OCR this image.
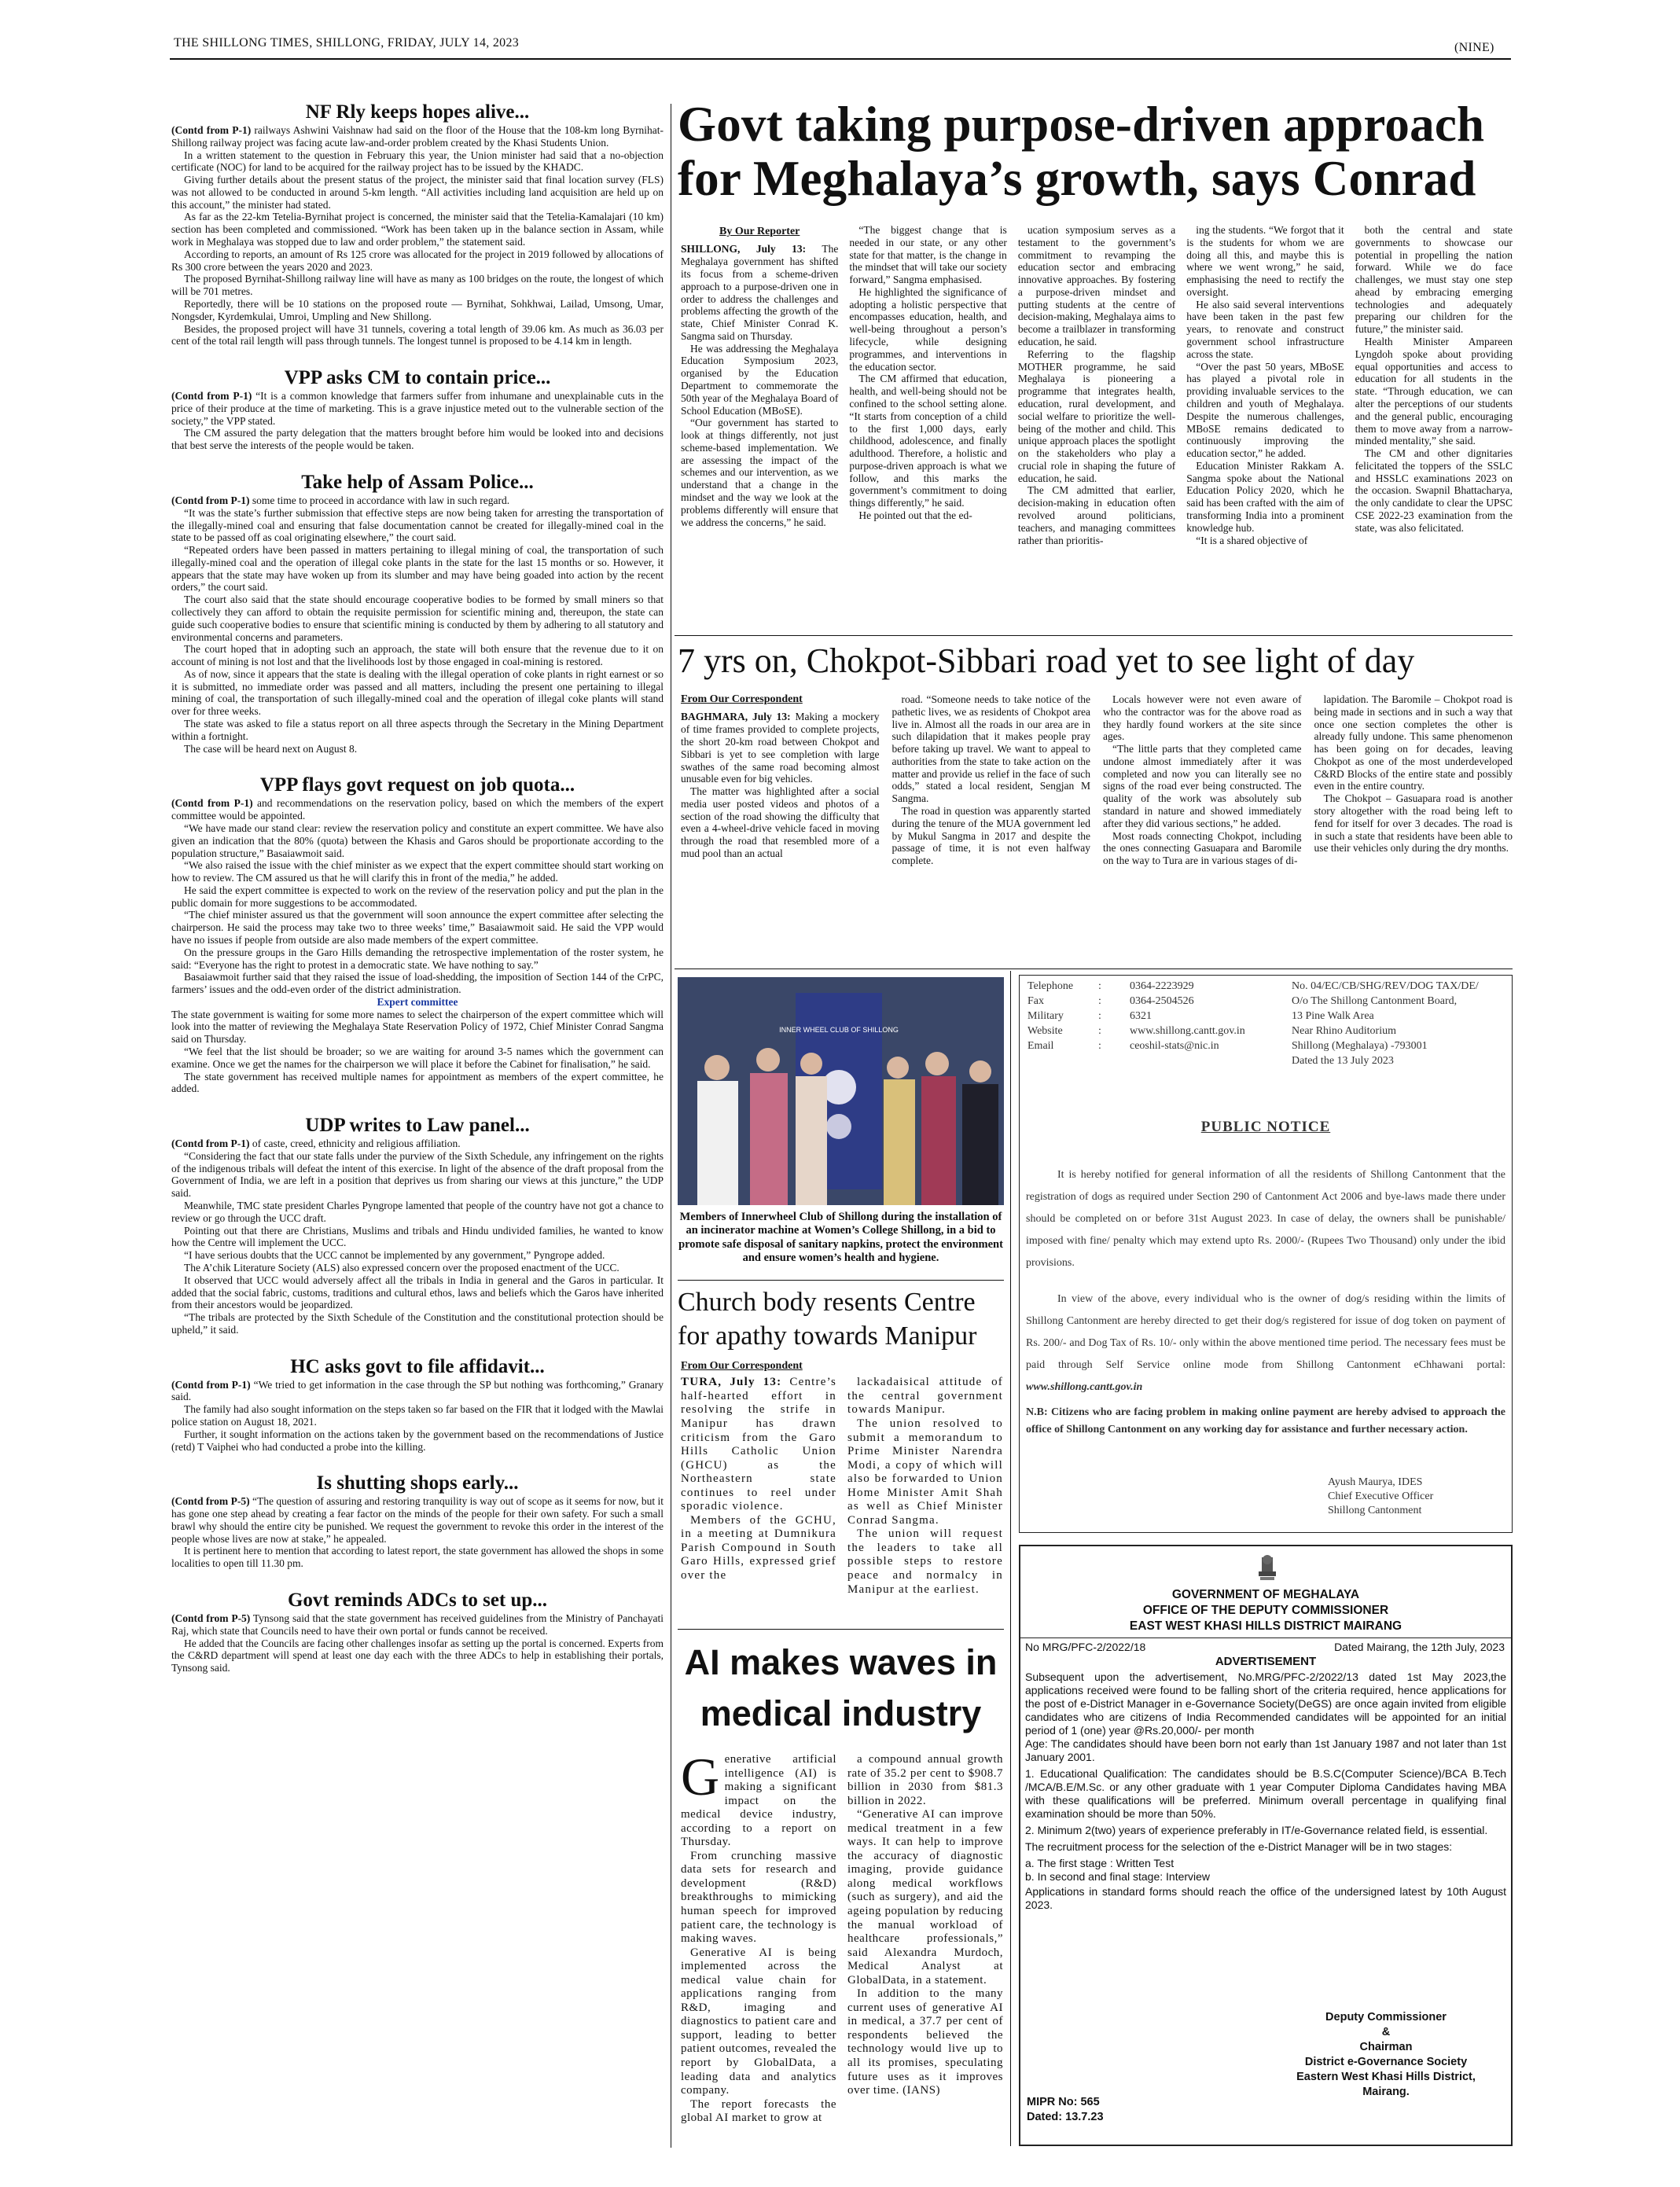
THE SHILLONG TIMES, SHILLONG, FRIDAY, JULY 14, 2023	(NINE)
NF Rly keeps hopes alive...

(Contd from P-1) railways Ashwini Vaishnaw had said on the floor of the House that the 108-km long Byrnihat-Shillong railway project was facing acute law-and-order problem created by the Khasi Students Union.

In a written statement to the question in February this year, the Union minister had said that a no-objection certificate (NOC) for land to be acquired for the railway project has to be issued by the KHADC.

Giving further details about the present status of the project, the minister said that final location survey (FLS) was not allowed to be conducted in around 5-km length. “All activities including land acquisition are held up on this account,” the minister had stated.

As far as the 22-km Tetelia-Byrnihat project is concerned, the minister said that the Tetelia-Kamalajari (10 km) section has been completed and commissioned. “Work has been taken up in the balance section in Assam, while work in Meghalaya was stopped due to law and order problem,” the statement said.

According to reports, an amount of Rs 125 crore was allocated for the project in 2019 followed by allocations of Rs 300 crore between the years 2020 and 2023.

The proposed Byrnihat-Shillong railway line will have as many as 100 bridges on the route, the longest of which will be 701 metres.

Reportedly, there will be 10 stations on the proposed route — Byrnihat, Sohkhwai, Lailad, Umsong, Umar, Nongsder, Kyrdemkulai, Umroi, Umpling and New Shillong.

Besides, the proposed project will have 31 tunnels, covering a total length of 39.06 km. As much as 36.03 per cent of the total rail length will pass through tunnels. The longest tunnel is proposed to be 4.14 km in length.

VPP asks CM to contain price...

(Contd from P-1) “It is a common knowledge that farmers suffer from inhumane and unexplainable cuts in the price of their produce at the time of marketing. This is a grave injustice meted out to the vulnerable section of the society,” the VPP stated.

The CM assured the party delegation that the matters brought before him would be looked into and decisions that best serve the interests of the people would be taken.

Take help of Assam Police...

(Contd from P-1) some time to proceed in accordance with law in such regard.

“It was the state’s further submission that effective steps are now being taken for arresting the transportation of the illegally-mined coal and ensuring that false documentation cannot be created for illegally-mined coal in the state to be passed off as coal originating elsewhere,” the court said.

“Repeated orders have been passed in matters pertaining to illegal mining of coal, the transportation of such illegally-mined coal and the operation of illegal coke plants in the state for the last 15 months or so. However, it appears that the state may have woken up from its slumber and may have being goaded into action by the recent orders,” the court said.

The court also said that the state should encourage cooperative bodies to be formed by small miners so that collectively they can afford to obtain the requisite permission for scientific mining and, thereupon, the state can guide such cooperative bodies to ensure that scientific mining is conducted by them by adhering to all statutory and environmental concerns and parameters.

The court hoped that in adopting such an approach, the state will both ensure that the revenue due to it on account of mining is not lost and that the livelihoods lost by those engaged in coal-mining is restored.

As of now, since it appears that the state is dealing with the illegal operation of coke plants in right earnest or so it is submitted, no immediate order was passed and all matters, including the present one pertaining to illegal mining of coal, the transportation of such illegally-mined coal and the operation of illegal coke plants will stand over for three weeks.

The state was asked to file a status report on all three aspects through the Secretary in the Mining Department within a fortnight.

The case will be heard next on August 8.

VPP flays govt request on job quota...

(Contd from P-1) and recommendations on the reservation policy, based on which the members of the expert committee would be appointed.

“We have made our stand clear: review the reservation policy and constitute an expert committee. We have also given an indication that the 80% (quota) between the Khasis and Garos should be proportionate according to the population structure,” Basaiawmoit said.

“We also raised the issue with the chief minister as we expect that the expert committee should start working on how to review. The CM assured us that he will clarify this in front of the media,” he added.

He said the expert committee is expected to work on the review of the reservation policy and put the plan in the public domain for more suggestions to be accommodated.

“The chief minister assured us that the government will soon announce the expert committee after selecting the chairperson. He said the process may take two to three weeks’ time,” Basaiawmoit said. He said the VPP would have no issues if people from outside are also made members of the expert committee.

On the pressure groups in the Garo Hills demanding the retrospective implementation of the roster system, he said: “Everyone has the right to protest in a democratic state. We have nothing to say.”

Basaiawmoit further said that they raised the issue of load-shedding, the imposition of Section 144 of the CrPC, farmers’ issues and the odd-even order of the district administration.

Expert committee

The state government is waiting for some more names to select the chairperson of the expert committee which will look into the matter of reviewing the Meghalaya State Reservation Policy of 1972, Chief Minister Conrad Sangma said on Thursday.

“We feel that the list should be broader; so we are waiting for around 3-5 names which the government can examine. Once we get the names for the chairperson we will place it before the Cabinet for finalisation,” he said.

The state government has received multiple names for appointment as members of the expert committee, he added.

UDP writes to Law panel...

(Contd from P-1) of caste, creed, ethnicity and religious affiliation.

“Considering the fact that our state falls under the purview of the Sixth Schedule, any infringement on the rights of the indigenous tribals will defeat the intent of this exercise. In light of the absence of the draft proposal from the Government of India, we are left in a position that deprives us from sharing our views at this juncture,” the UDP said.

Meanwhile, TMC state president Charles Pyngrope lamented that people of the country have not got a chance to review or go through the UCC draft.

Pointing out that there are Christians, Muslims and tribals and Hindu undivided families, he wanted to know how the Centre will implement the UCC.

“I have serious doubts that the UCC cannot be implemented by any government,” Pyngrope added.

The A’chik Literature Society (ALS) also expressed concern over the proposed enactment of the UCC.

It observed that UCC would adversely affect all the tribals in India in general and the Garos in particular. It added that the social fabric, customs, traditions and cultural ethos, laws and beliefs which the Garos have inherited from their ancestors would be jeopardized.

“The tribals are protected by the Sixth Schedule of the Constitution and the constitutional protection should be upheld,” it said.

HC asks govt to file affidavit...

(Contd from P-1) “We tried to get information in the case through the SP but nothing was forthcoming,” Granary said.

The family had also sought information on the steps taken so far based on the FIR that it lodged with the Mawlai police station on August 18, 2021.

Further, it sought information on the actions taken by the government based on the recommendations of Justice (retd) T Vaiphei who had conducted a probe into the killing.

Is shutting shops early...

(Contd from P-5) “The question of assuring and restoring tranquility is way out of scope as it seems for now, but it has gone one step ahead by creating a fear factor on the minds of the people for their own safety. For such a small brawl why should the entire city be punished. We request the government to revoke this order in the interest of the people whose lives are now at stake,” he appealed.

It is pertinent here to mention that according to latest report, the state government has allowed the shops in some localities to open till 11.30 pm.

Govt reminds ADCs to set up...

(Contd from P-5) Tynsong said that the state government has received guidelines from the Ministry of Panchayati Raj, which state that Councils need to have their own portal or funds cannot be received.

He added that the Councils are facing other challenges insofar as setting up the portal is concerned. Experts from the C&RD department will spend at least one day each with the three ADCs to help in establishing their portals, Tynsong said.

Govt taking purpose-driven approach
for Meghalaya’s growth, says Conrad
By Our Reporter

SHILLONG, July 13: The Meghalaya government has shifted its focus from a scheme-driven approach to a purpose-driven one in order to address the challenges and problems affecting the growth of the state, Chief Minister Conrad K. Sangma said on Thursday.

He was addressing the Meghalaya Education Symposium 2023, organised by the Education Department to commemorate the 50th year of the Meghalaya Board of School Education (MBoSE).

“Our government has started to look at things differently, not just scheme-based implementation. We are assessing the impact of the schemes and our intervention, as we understand that a change in the mindset and the way we look at the problems differently will ensure that we address the concerns,” he said.

“The biggest change that is needed in our state, or any other state for that matter, is the change in the mindset that will take our society forward,” Sangma emphasised.

He highlighted the significance of adopting a holistic perspective that encompasses education, health, and well-being throughout a person’s lifecycle, while designing programmes, and interventions in the education sector.

The CM affirmed that education, health, and well-being should not be confined to the school setting alone. “It starts from conception of a child to the first 1,000 days, early childhood, adolescence, and finally adulthood. Therefore, a holistic and purpose-driven approach is what we follow, and this marks the government’s commitment to doing things differently,” he said.

He pointed out that the ed-

ucation symposium serves as a testament to the government’s commitment to revamping the education sector and embracing innovative approaches. By fostering a purpose-driven mindset and putting students at the centre of decision-making, Meghalaya aims to become a trailblazer in transforming education, he said.

Referring to the flagship MOTHER programme, he said Meghalaya is pioneering a programme that integrates health, education, rural development, and social welfare to prioritize the well-being of the mother and child. This unique approach places the spotlight on the stakeholders who play a crucial role in shaping the future of education, he said.

The CM admitted that earlier, decision-making in education often revolved around politicians, teachers, and managing committees rather than prioritis-

ing the students. “We forgot that it is the students for whom we are doing all this, and maybe this is where we went wrong,” he said, emphasising the need to rectify the oversight.

He also said several interventions have been taken in the past few years, to renovate and construct government school infrastructure across the state.

“Over the past 50 years, MBoSE has played a pivotal role in providing invaluable services to the children and youth of Meghalaya. Despite the numerous challenges, MBoSE remains dedicated to continuously improving the education sector,” he added.

Education Minister Rakkam A. Sangma spoke about the National Education Policy 2020, which he said has been crafted with the aim of transforming India into a prominent knowledge hub.

“It is a shared objective of

both the central and state governments to showcase our potential in propelling the nation forward. While we do face challenges, we must stay one step ahead by embracing emerging technologies and adequately preparing our children for the future,” the minister said.

Health Minister Ampareen Lyngdoh spoke about providing equal opportunities and access to education for all students in the state. “Through education, we can alter the perceptions of our students and the general public, encouraging them to move away from a narrow-minded mentality,” she said.

The CM and other dignitaries felicitated the toppers of the SSLC and HSSLC examinations 2023 on the occasion. Swapnil Bhattacharya, the only candidate to clear the UPSC CSE 2022-23 examination from the state, was also felicitated.

7 yrs on, Chokpot-Sibbari road yet to see light of day
From Our Correspondent

BAGHMARA, July 13: Making a mockery of time frames provided to complete projects, the short 20-km road between Chokpot and Sibbari is yet to see completion with large swathes of the same road becoming almost unusable even for big vehicles.

The matter was highlighted after a social media user posted videos and photos of a section of the road showing the difficulty that even a 4-wheel-drive vehicle faced in moving through the road that resembled more of a mud pool than an actual

road. “Someone needs to take notice of the pathetic lives, we as residents of Chokpot area live in. Almost all the roads in our area are in such dilapidation that it makes people pray before taking up travel. We want to appeal to authorities from the state to take action on the matter and provide us relief in the face of such odds,” stated a local resident, Sengjan M Sangma.

The road in question was apparently started during the tenure of the MUA government led by Mukul Sangma in 2017 and despite the passage of time, it is not even halfway complete.

Locals however were not even aware of who the contractor was for the above road as they hardly found workers at the site since ages.

“The little parts that they completed came undone almost immediately after it was completed and now you can literally see no signs of the road ever being constructed. The quality of the work was absolutely sub standard in nature and showed immediately after they did various sections,” he added.

Most roads connecting Chokpot, including the ones connecting Gasuapara and Baromile on the way to Tura are in various stages of di-

lapidation. The Baromile – Chokpot road is being made in sections and in such a way that once one section completes the other is already fully undone. This same phenomenon has been going on for decades, leaving Chokpot as one of the most underdeveloped C&RD Blocks of the entire state and possibly even in the entire country.

The Chokpot – Gasuapara road is another story altogether with the road being left to fend for itself for over 3 decades. The road is in such a state that residents have been able to use their vehicles only during the dry months.

INNER WHEEL CLUB OF SHILLONG
Members of Innerwheel Club of Shillong during the installation of an incinerator machine at Women’s College Shillong, in a bid to promote safe disposal of sanitary napkins, protect the environment and ensure women’s health and hygiene.
Church body resents Centre
for apathy towards Manipur
From Our Correspondent

TURA, July 13: Centre’s half-hearted effort in resolving the strife in Manipur has drawn criticism from the Garo Hills Catholic Union (GHCU) as the Northeastern state continues to reel under sporadic violence.

Members of the GCHU, in a meeting at Dumnikura Parish Compound in South Garo Hills, expressed grief over the

lackadaisical attitude of the central government towards Manipur.

The union resolved to submit a memorandum to Prime Minister Narendra Modi, a copy of which will also be forwarded to Union Home Minister Amit Shah as well as Chief Minister Conrad Sangma.

The union will request the leaders to take all possible steps to restore peace and normalcy in Manipur at the earliest.

AI makes waves in
medical industry
G enerative artificial intelligence (AI) is making a significant impact on the medical device industry, according to a report on Thursday.

From crunching massive data sets for research and development (R&D) breakthroughs to mimicking human speech for improved patient care, the technology is making waves.

Generative AI is being implemented across the medical value chain for applications ranging from R&D, imaging and diagnostics to patient care and support, leading to better patient outcomes, revealed the report by GlobalData, a leading data and analytics company.

The report forecasts the global AI market to grow at

a compound annual growth rate of 35.2 per cent to $908.7 billion in 2030 from $81.3 billion in 2022.

“Generative AI can improve medical treatment in a few ways. It can help to improve the accuracy of diagnostic imaging, provide guidance along medical workflows (such as surgery), and aid the ageing population by reducing the manual workload of healthcare professionals,” said Alexandra Murdoch, Medical Analyst at GlobalData, in a statement.

In addition to the many current uses of generative AI in medical, a 37.7 per cent of respondents believed the technology would live up to all its promises, speculating future uses as it improves over time. (IANS)

Telephone	:	0364-2223929
Fax	:	0364-2504526
Military	:	6321
Website	:	www.shillong.cantt.gov.in
Email	:	ceoshil-stats@nic.in
No. 04/EC/CB/SHG/REV/DOG TAX/DE/
O/o The Shillong Cantonment Board,
13 Pine Walk Area
Near Rhino Auditorium
Shillong (Meghalaya) -793001
Dated the 13 July 2023
PUBLIC NOTICE
It is hereby notified for general information of all the residents of Shillong Cantonment that the registration of dogs as required under Section 290 of Cantonment Act 2006 and bye-laws made there under should be completed on or before 31st August 2023. In case of delay, the owners shall be punishable/ imposed with fine/ penalty which may extend upto Rs. 2000/- (Rupees Two Thousand) only under the ibid provisions.
In view of the above, every individual who is the owner of dog/s residing within the limits of Shillong Cantonment are hereby directed to get their dog/s registered for issue of dog token on payment of Rs. 200/- and Dog Tax of Rs. 10/- only within the above mentioned time period. The necessary fees must be paid through Self Service online mode from Shillong Cantonment eChhawani portal: www.shillong.cantt.gov.in
N.B: Citizens who are facing problem in making online payment are hereby advised to approach the office of Shillong Cantonment on any working day for assistance and further necessary action.
Ayush Maurya, IDES
Chief Executive Officer
Shillong Cantonment
GOVERNMENT OF MEGHALAYA
OFFICE OF THE DEPUTY COMMISSIONER
EAST WEST KHASI HILLS DISTRICT MAIRANG
No MRG/PFC-2/2022/18	Dated Mairang, the 12th July, 2023
ADVERTISEMENT
Subsequent upon the advertisement, No.MRG/PFC-2/2022/13 dated 1st May 2023,the applications received were found to be falling short of the criteria required, hence applications for the post of e-District Manager in e-Governance Society(DeGS) are once again invited from eligible candidates who are citizens of India Recommended candidates will be appointed for an initial period of 1 (one) year @Rs.20,000/- per month
Age: The candidates should have been born not early than 1st January 1987 and not later than 1st January 2001.
1. Educational Qualification: The candidates should be B.S.C(Computer Science)/BCA B.Tech /MCA/B.E/M.Sc. or any other graduate with 1 year Computer Diploma Candidates having MBA with these qualifications will be preferred. Minimum overall percentage in qualifying final examination should be more than 50%.
2. Minimum 2(two) years of experience preferably in IT/e-Governance related field, is essential.
The recruitment process for the selection of the e-District Manager will be in two stages:
a. The first stage : Written Test
b. In second and final stage: Interview
Applications in standard forms should reach the office of the undersigned latest by 10th August 2023.
Deputy Commissioner
&
Chairman
District e-Governance Society
Eastern West Khasi Hills District,
Mairang.
MIPR No: 565
Dated: 13.7.23
